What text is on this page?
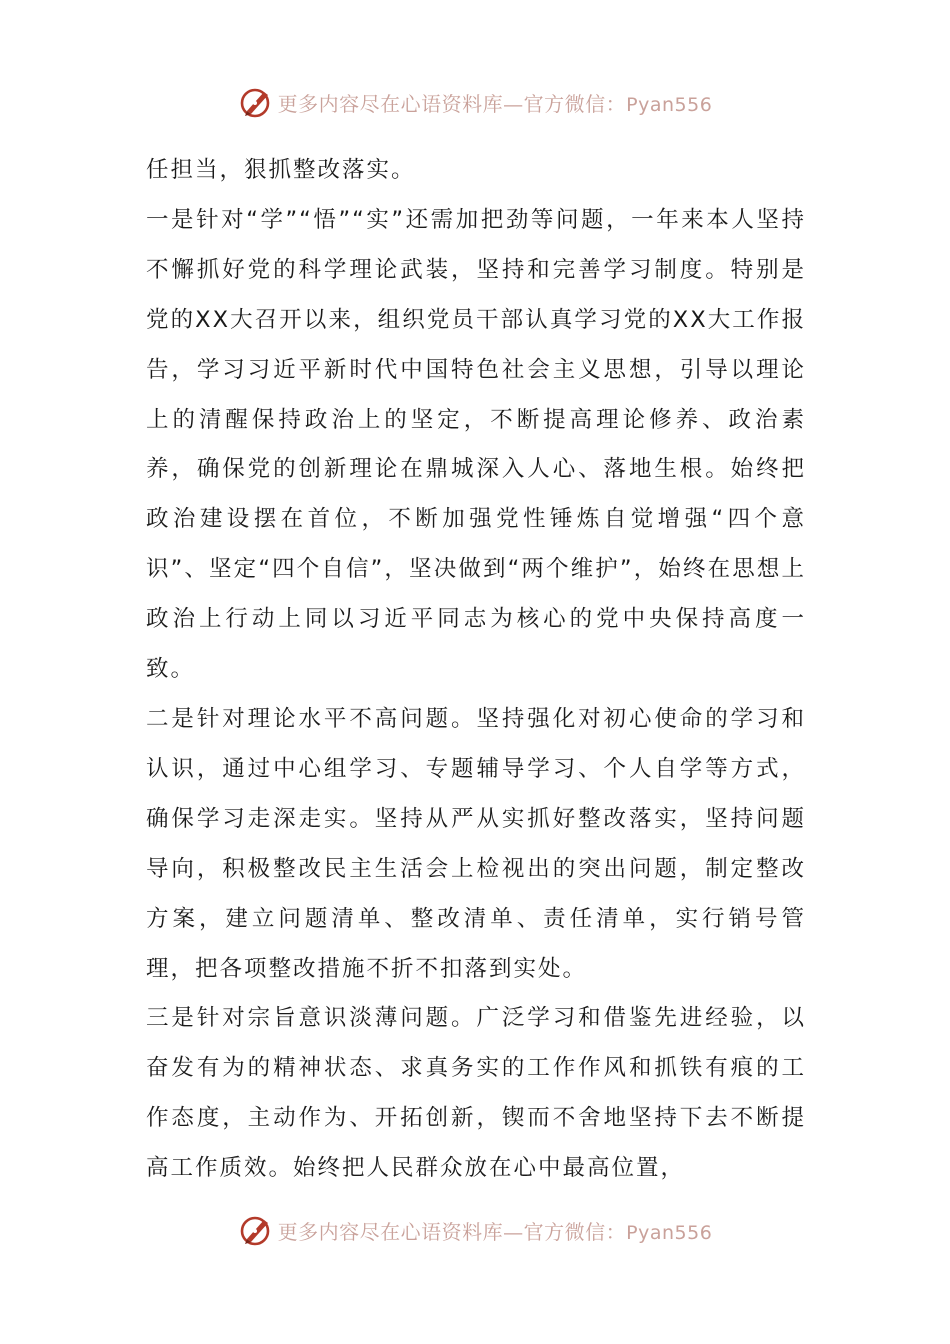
更多内容尽在心语资料库—官方微信：Pyan556

任担当，狠抓整改落实。

一是针对“学”“悟”“实”还需加把劲等问题，一年来本人坚持不懈抓好党的科学理论武装，坚持和完善学习制度。特别是党的XX大召开以来，组织党员干部认真学习党的XX大工作报告，学习习近平新时代中国特色社会主义思想，引导以理论上的清醒保持政治上的坚定，不断提高理论修养、政治素养，确保党的创新理论在鼎城深入人心、落地生根。始终把政治建设摆在首位，不断加强党性锤炼自觉增强“四个意识”、坚定“四个自信”，坚决做到“两个维护”，始终在思想上政治上行动上同以习近平同志为核心的党中央保持高度一致。

二是针对理论水平不高问题。坚持强化对初心使命的学习和认识，通过中心组学习、专题辅导学习、个人自学等方式，确保学习走深走实。坚持从严从实抓好整改落实，坚持问题导向，积极整改民主生活会上检视出的突出问题，制定整改方案，建立问题清单、整改清单、责任清单，实行销号管理，把各项整改措施不折不扣落到实处。

三是针对宗旨意识淡薄问题。广泛学习和借鉴先进经验，以奋发有为的精神状态、求真务实的工作作风和抓铁有痕的工作态度，主动作为、开拓创新，锲而不舍地坚持下去不断提高工作质效。始终把人民群众放在心中最高位置，

更多内容尽在心语资料库—官方微信：Pyan556
